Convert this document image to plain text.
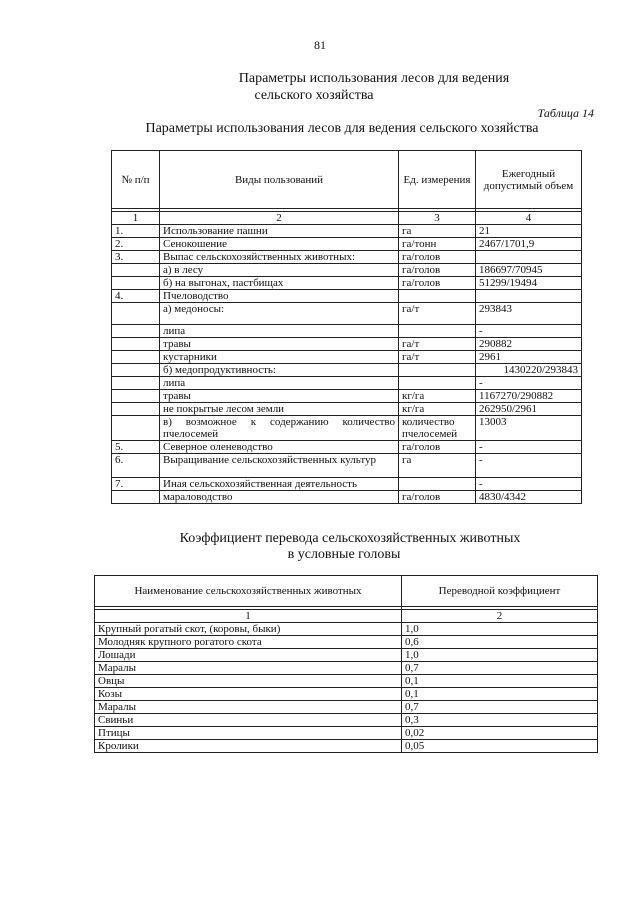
81
Параметры использования лесов для ведения
сельского хозяйства
Таблица 14
Параметры использования лесов для ведения сельского хозяйства
№ п/п	Виды пользований	Ед. измерения	Ежегодный допустимый объем

1	2	3	4
1.	Использование пашни	га	21
2.	Сенокошение	га/тонн	2467/1701,9
3.	Выпас сельскохозяйственных животных:	га/голов	
	а) в лесу	га/голов	186697/70945
	б) на выгонах, пастбищах	га/голов	51299/19494
4.	Пчеловодство		
	а) медоносы:	га/т	293843
	липа		-
	травы	га/т	290882
	кустарники	га/т	2961
	б) медопродуктивность:		1430220/293843
	липа		-
	травы	кг/га	1167270/290882
	не покрытые лесом земли	кг/га	262950/2961
	в) возможное к содержанию количество пчелосемей	количество пчелосемей	13003
5.	Северное оленеводство	га/голов	-
6.	Выращивание сельскохозяйственных культур	га	-
7.	Иная сельскохозяйственная деятельность		-
	мараловодство	га/голов	4830/4342
Коэффициент перевода сельскохозяйственных животных
в условные головы
Наименование сельскохозяйственных животных	Переводной коэффициент

1	2
Крупный рогатый скот, (коровы, быки)	1,0
Молодняк крупного рогатого скота	0,6
Лошади	1,0
Маралы	0,7
Овцы	0,1
Козы	0,1
Маралы	0,7
Свиньи	0,3
Птицы	0,02
Кролики	0,05
